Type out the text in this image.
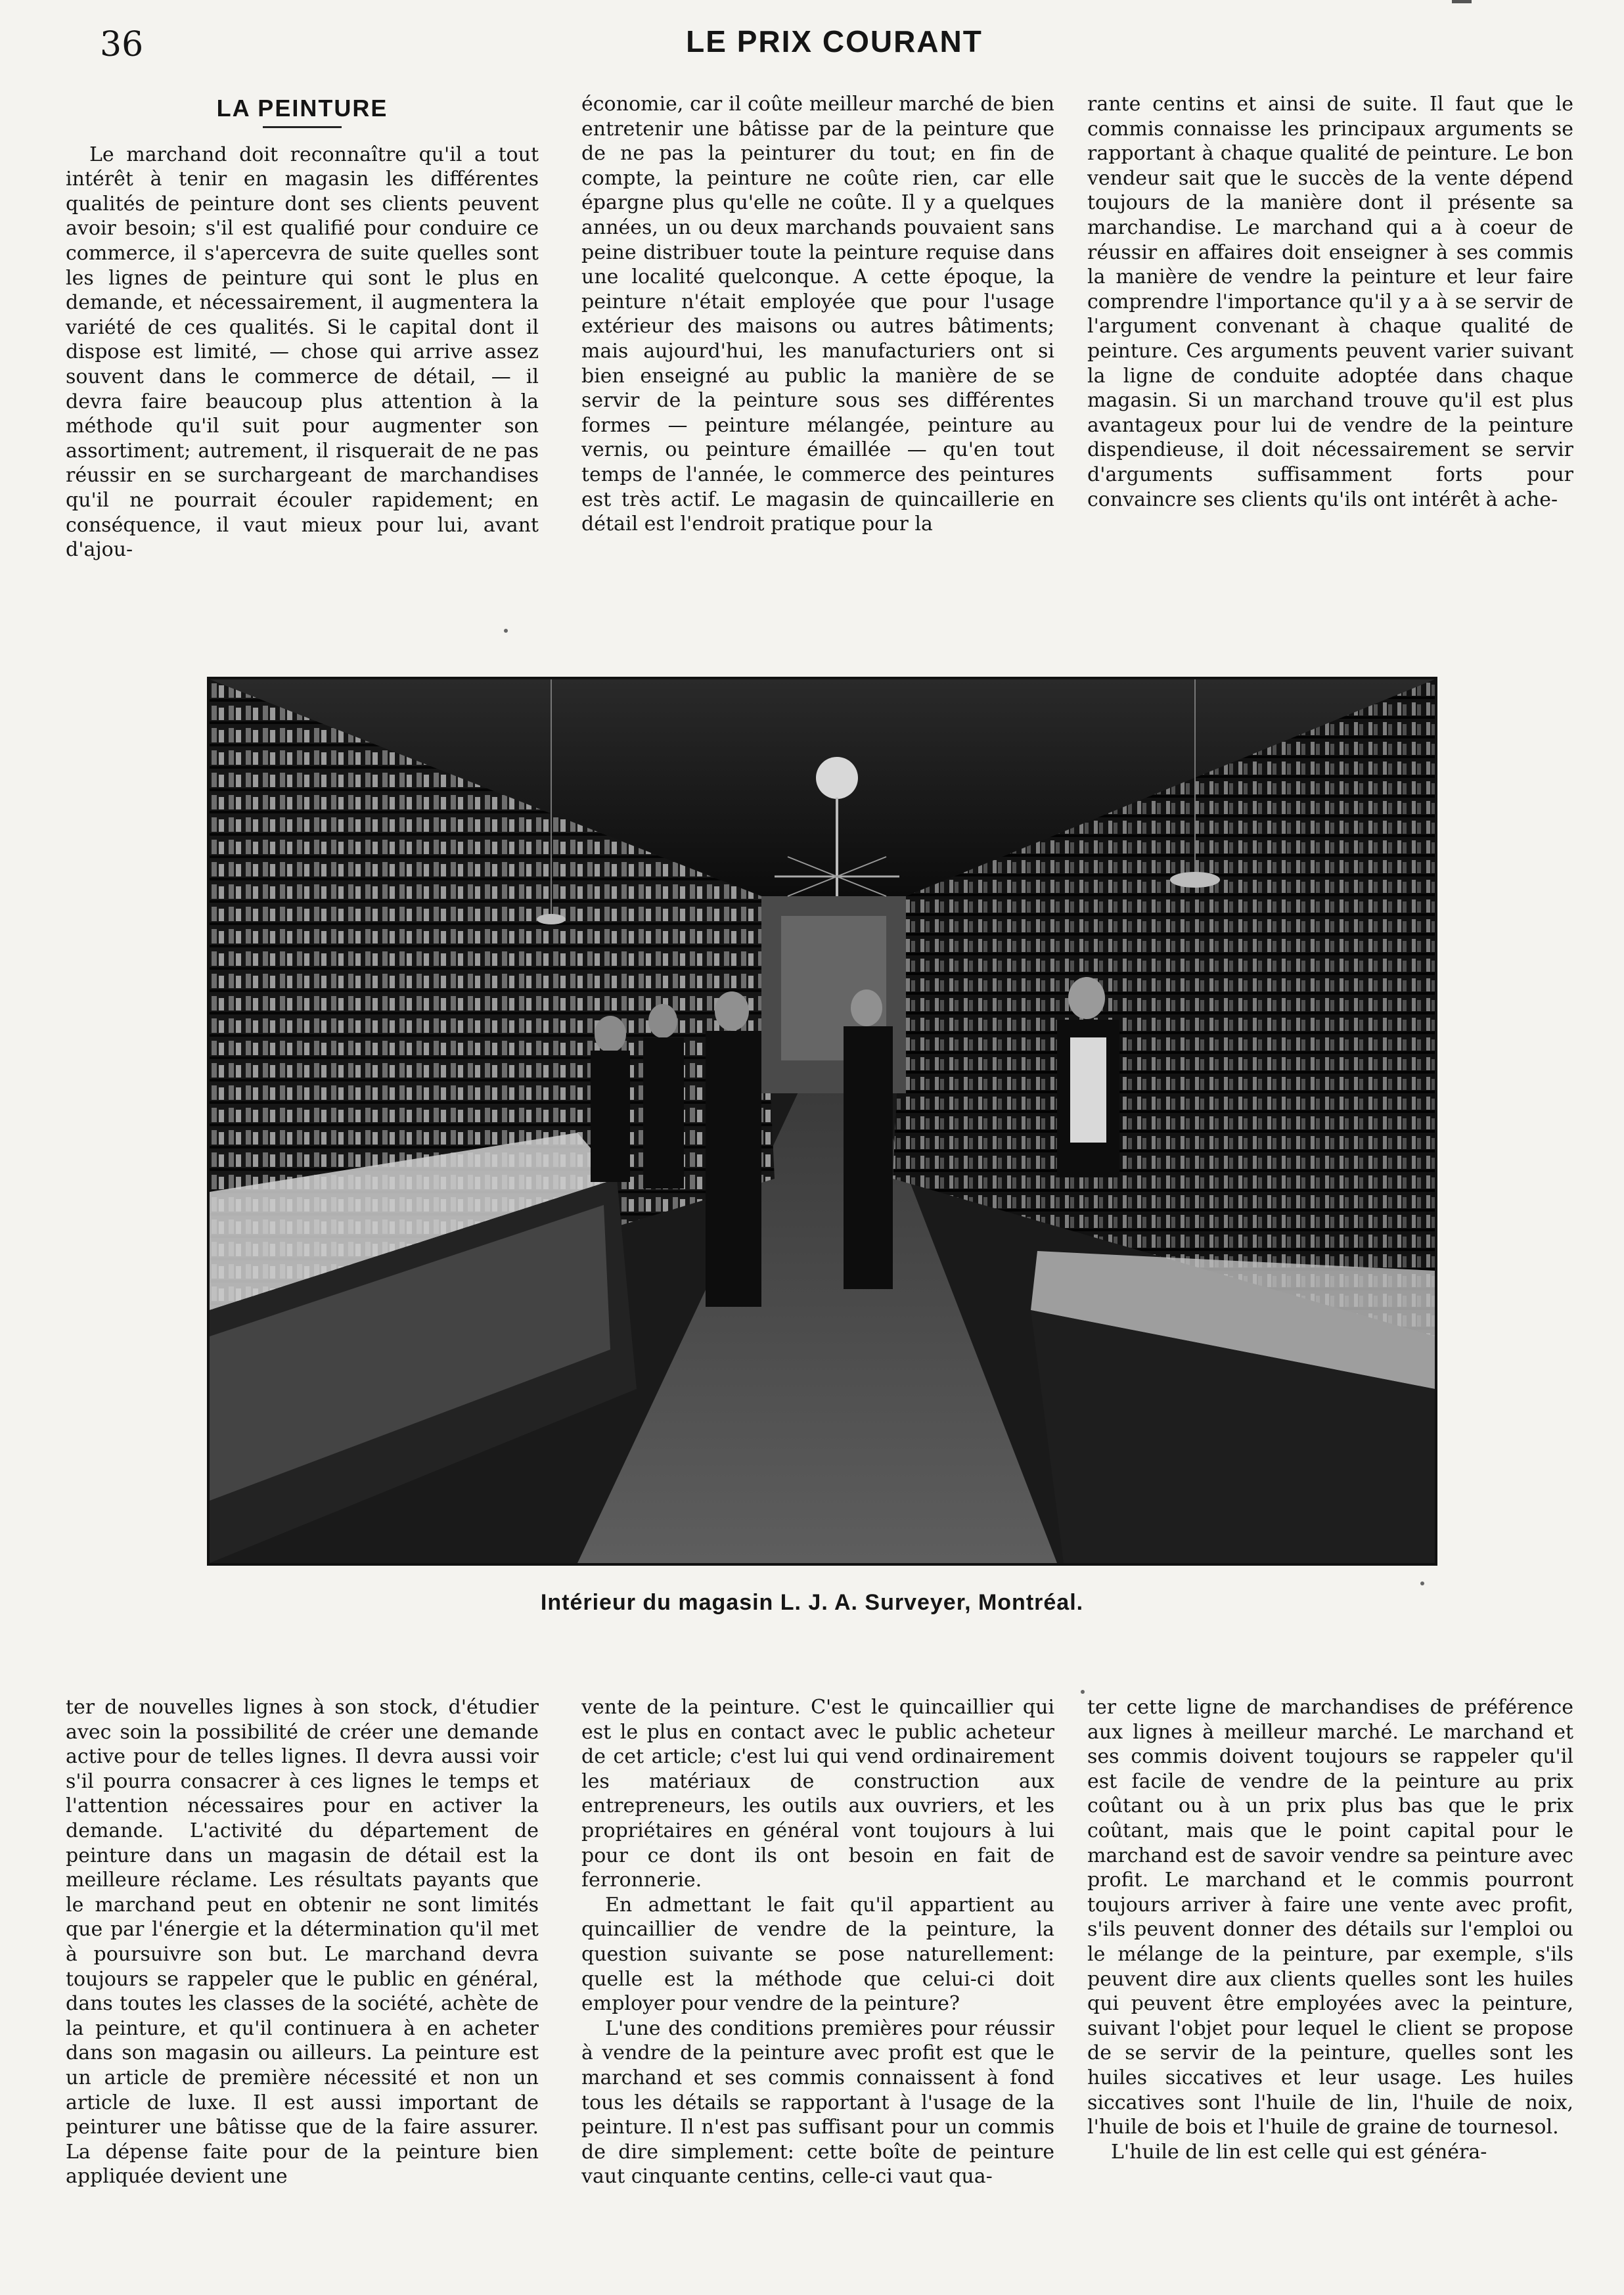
36	LE PRIX COURANT
LA PEINTURE

Le marchand doit reconnaître qu'il a tout intérêt à tenir en magasin les différentes qualités de peinture dont ses clients peuvent avoir besoin; s'il est qualifié pour conduire ce commerce, il s'apercevra de suite quelles sont les lignes de peinture qui sont le plus en demande, et nécessairement, il augmentera la variété de ces qualités. Si le capital dont il dispose est limité, — chose qui arrive assez souvent dans le commerce de détail, — il devra faire beaucoup plus attention à la méthode qu'il suit pour augmenter son assortiment; autrement, il risquerait de ne pas réussir en se surchargeant de marchandises qu'il ne pourrait écouler rapidement; en conséquence, il vaut mieux pour lui, avant d'ajou-

économie, car il coûte meilleur marché de bien entretenir une bâtisse par de la peinture que de ne pas la peinturer du tout; en fin de compte, la peinture ne coûte rien, car elle épargne plus qu'elle ne coûte. Il y a quelques années, un ou deux marchands pouvaient sans peine distribuer toute la peinture requise dans une localité quelconque. A cette époque, la peinture n'était employée que pour l'usage extérieur des maisons ou autres bâtiments; mais aujourd'hui, les manufacturiers ont si bien enseigné au public la manière de se servir de la peinture sous ses différentes formes — peinture mélangée, peinture au vernis, ou peinture émaillée — qu'en tout temps de l'année, le commerce des peintures est très actif. Le magasin de quincaillerie en détail est l'endroit pratique pour la

rante centins et ainsi de suite. Il faut que le commis connaisse les principaux arguments se rapportant à chaque qualité de peinture. Le bon vendeur sait que le succès de la vente dépend toujours de la manière dont il présente sa marchandise. Le marchand qui a à coeur de réussir en affaires doit enseigner à ses commis la manière de vendre la peinture et leur faire comprendre l'importance qu'il y a à se servir de l'argument convenant à chaque qualité de peinture. Ces arguments peuvent varier suivant la ligne de conduite adoptée dans chaque magasin. Si un marchand trouve qu'il est plus avantageux pour lui de vendre de la peinture dispendieuse, il doit nécessairement se servir d'arguments suffisamment forts pour convaincre ses clients qu'ils ont intérêt à ache-

Intérieur du magasin L. J. A. Surveyer, Montréal.

ter de nouvelles lignes à son stock, d'étudier avec soin la possibilité de créer une demande active pour de telles lignes. Il devra aussi voir s'il pourra consacrer à ces lignes le temps et l'attention nécessaires pour en activer la demande. L'activité du département de peinture dans un magasin de détail est la meilleure réclame. Les résultats payants que le marchand peut en obtenir ne sont limités que par l'énergie et la détermination qu'il met à poursuivre son but. Le marchand devra toujours se rappeler que le public en général, dans toutes les classes de la société, achète de la peinture, et qu'il continuera à en acheter dans son magasin ou ailleurs. La peinture est un article de première nécessité et non un article de luxe. Il est aussi important de peinturer une bâtisse que de la faire assurer. La dépense faite pour de la peinture bien appliquée devient une

vente de la peinture. C'est le quincaillier qui est le plus en contact avec le public acheteur de cet article; c'est lui qui vend ordinairement les matériaux de construction aux entrepreneurs, les outils aux ouvriers, et les propriétaires en général vont toujours à lui pour ce dont ils ont besoin en fait de ferronnerie.

En admettant le fait qu'il appartient au quincaillier de vendre de la peinture, la question suivante se pose naturellement: quelle est la méthode que celui-ci doit employer pour vendre de la peinture?

L'une des conditions premières pour réussir à vendre de la peinture avec profit est que le marchand et ses commis connaissent à fond tous les détails se rapportant à l'usage de la peinture. Il n'est pas suffisant pour un commis de dire simplement: cette boîte de peinture vaut cinquante centins, celle-ci vaut qua-

ter cette ligne de marchandises de préférence aux lignes à meilleur marché. Le marchand et ses commis doivent toujours se rappeler qu'il est facile de vendre de la peinture au prix coûtant ou à un prix plus bas que le prix coûtant, mais que le point capital pour le marchand est de savoir vendre sa peinture avec profit. Le marchand et le commis pourront toujours arriver à faire une vente avec profit, s'ils peuvent donner des détails sur l'emploi ou le mélange de la peinture, par exemple, s'ils peuvent dire aux clients quelles sont les huiles qui peuvent être employées avec la peinture, suivant l'objet pour lequel le client se propose de se servir de la peinture, quelles sont les huiles siccatives et leur usage. Les huiles siccatives sont l'huile de lin, l'huile de noix, l'huile de bois et l'huile de graine de tournesol.

L'huile de lin est celle qui est généra-
